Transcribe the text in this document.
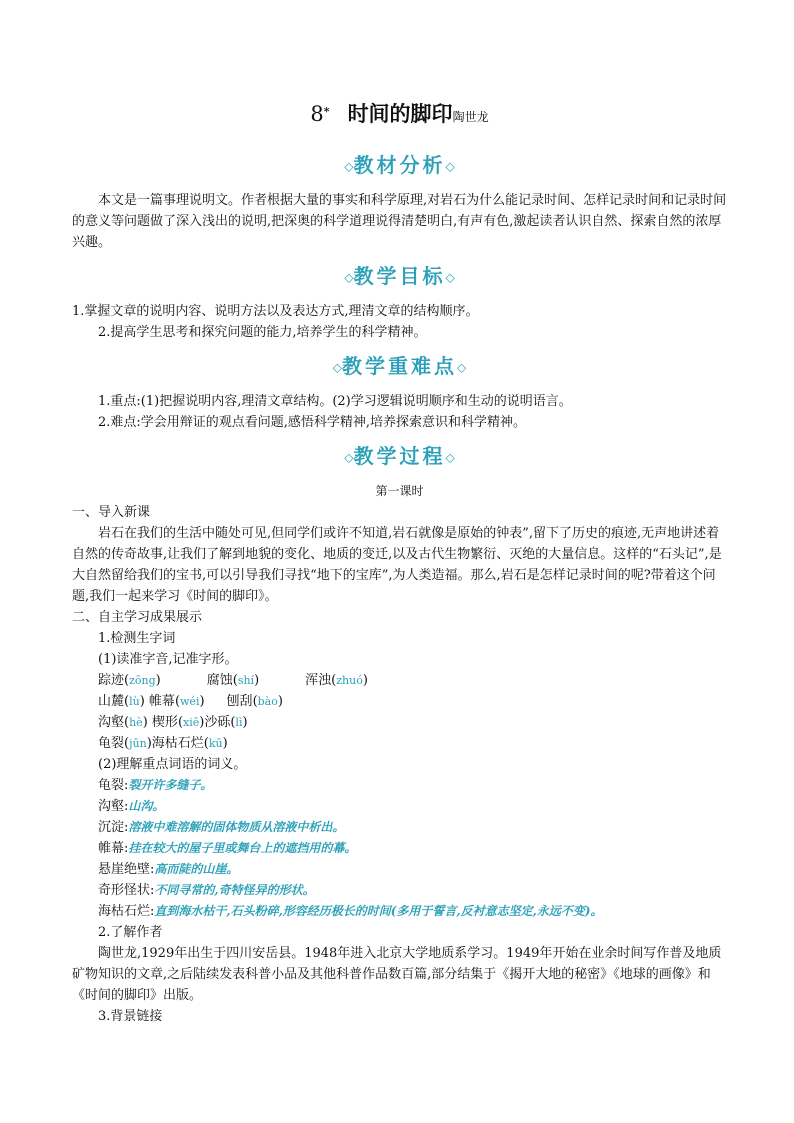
8* 时间的脚印陶世龙
◇教材分析◇

本文是一篇事理说明文。作者根据大量的事实和科学原理,对岩石为什么能记录时间、怎样记录时间和记录时间的意义等问题做了深入浅出的说明,把深奥的科学道理说得清楚明白,有声有色,激起读者认识自然、探索自然的浓厚兴趣。

◇教学目标◇

1.掌握文章的说明内容、说明方法以及表达方式,理清文章的结构顺序。

2.提高学生思考和探究问题的能力,培养学生的科学精神。

◇教学重难点◇

1.重点:(1)把握说明内容,理清文章结构。(2)学习逻辑说明顺序和生动的说明语言。

2.难点:学会用辩证的观点看问题,感悟科学精神,培养探索意识和科学精神。

◇教学过程◇

第一课时

一、导入新课

岩石在我们的生活中随处可见,但同学们或许不知道,岩石就像是原始的钟表”,留下了历史的痕迹,无声地讲述着自然的传奇故事,让我们了解到地貌的变化、地质的变迁,以及古代生物繁衍、灭绝的大量信息。这样的“石头记”,是大自然留给我们的宝书,可以引导我们寻找“地下的宝库”,为人类造福。那么,岩石是怎样记录时间的呢?带着这个问题,我们一起来学习《时间的脚印》。

二、自主学习成果展示

1.检测生字词

(1)读准字音,记准字形。

踪迹(zōng)	腐蚀(shí)	浑浊(zhuó)

山麓(lù) 帷幕(wéi) 刨刮(bào)

沟壑(hè) 楔形(xiē)沙砾(lì)

龟裂(jūn)海枯石烂(kū)

(2)理解重点词语的词义。

龟裂:裂开许多缝子。

沟壑:山沟。

沉淀:溶液中难溶解的固体物质从溶液中析出。

帷幕:挂在较大的屋子里或舞台上的遮挡用的幕。

悬崖绝壁:高而陡的山崖。

奇形怪状:不同寻常的,奇特怪异的形状。

海枯石烂:直到海水枯干,石头粉碎,形容经历极长的时间(多用于誓言,反衬意志坚定,永远不变)。

2.了解作者

陶世龙,1929年出生于四川安岳县。1948年进入北京大学地质系学习。1949年开始在业余时间写作普及地质矿物知识的文章,之后陆续发表科普小品及其他科普作品数百篇,部分结集于《揭开大地的秘密》《地球的画像》和《时间的脚印》出版。

3.背景链接
